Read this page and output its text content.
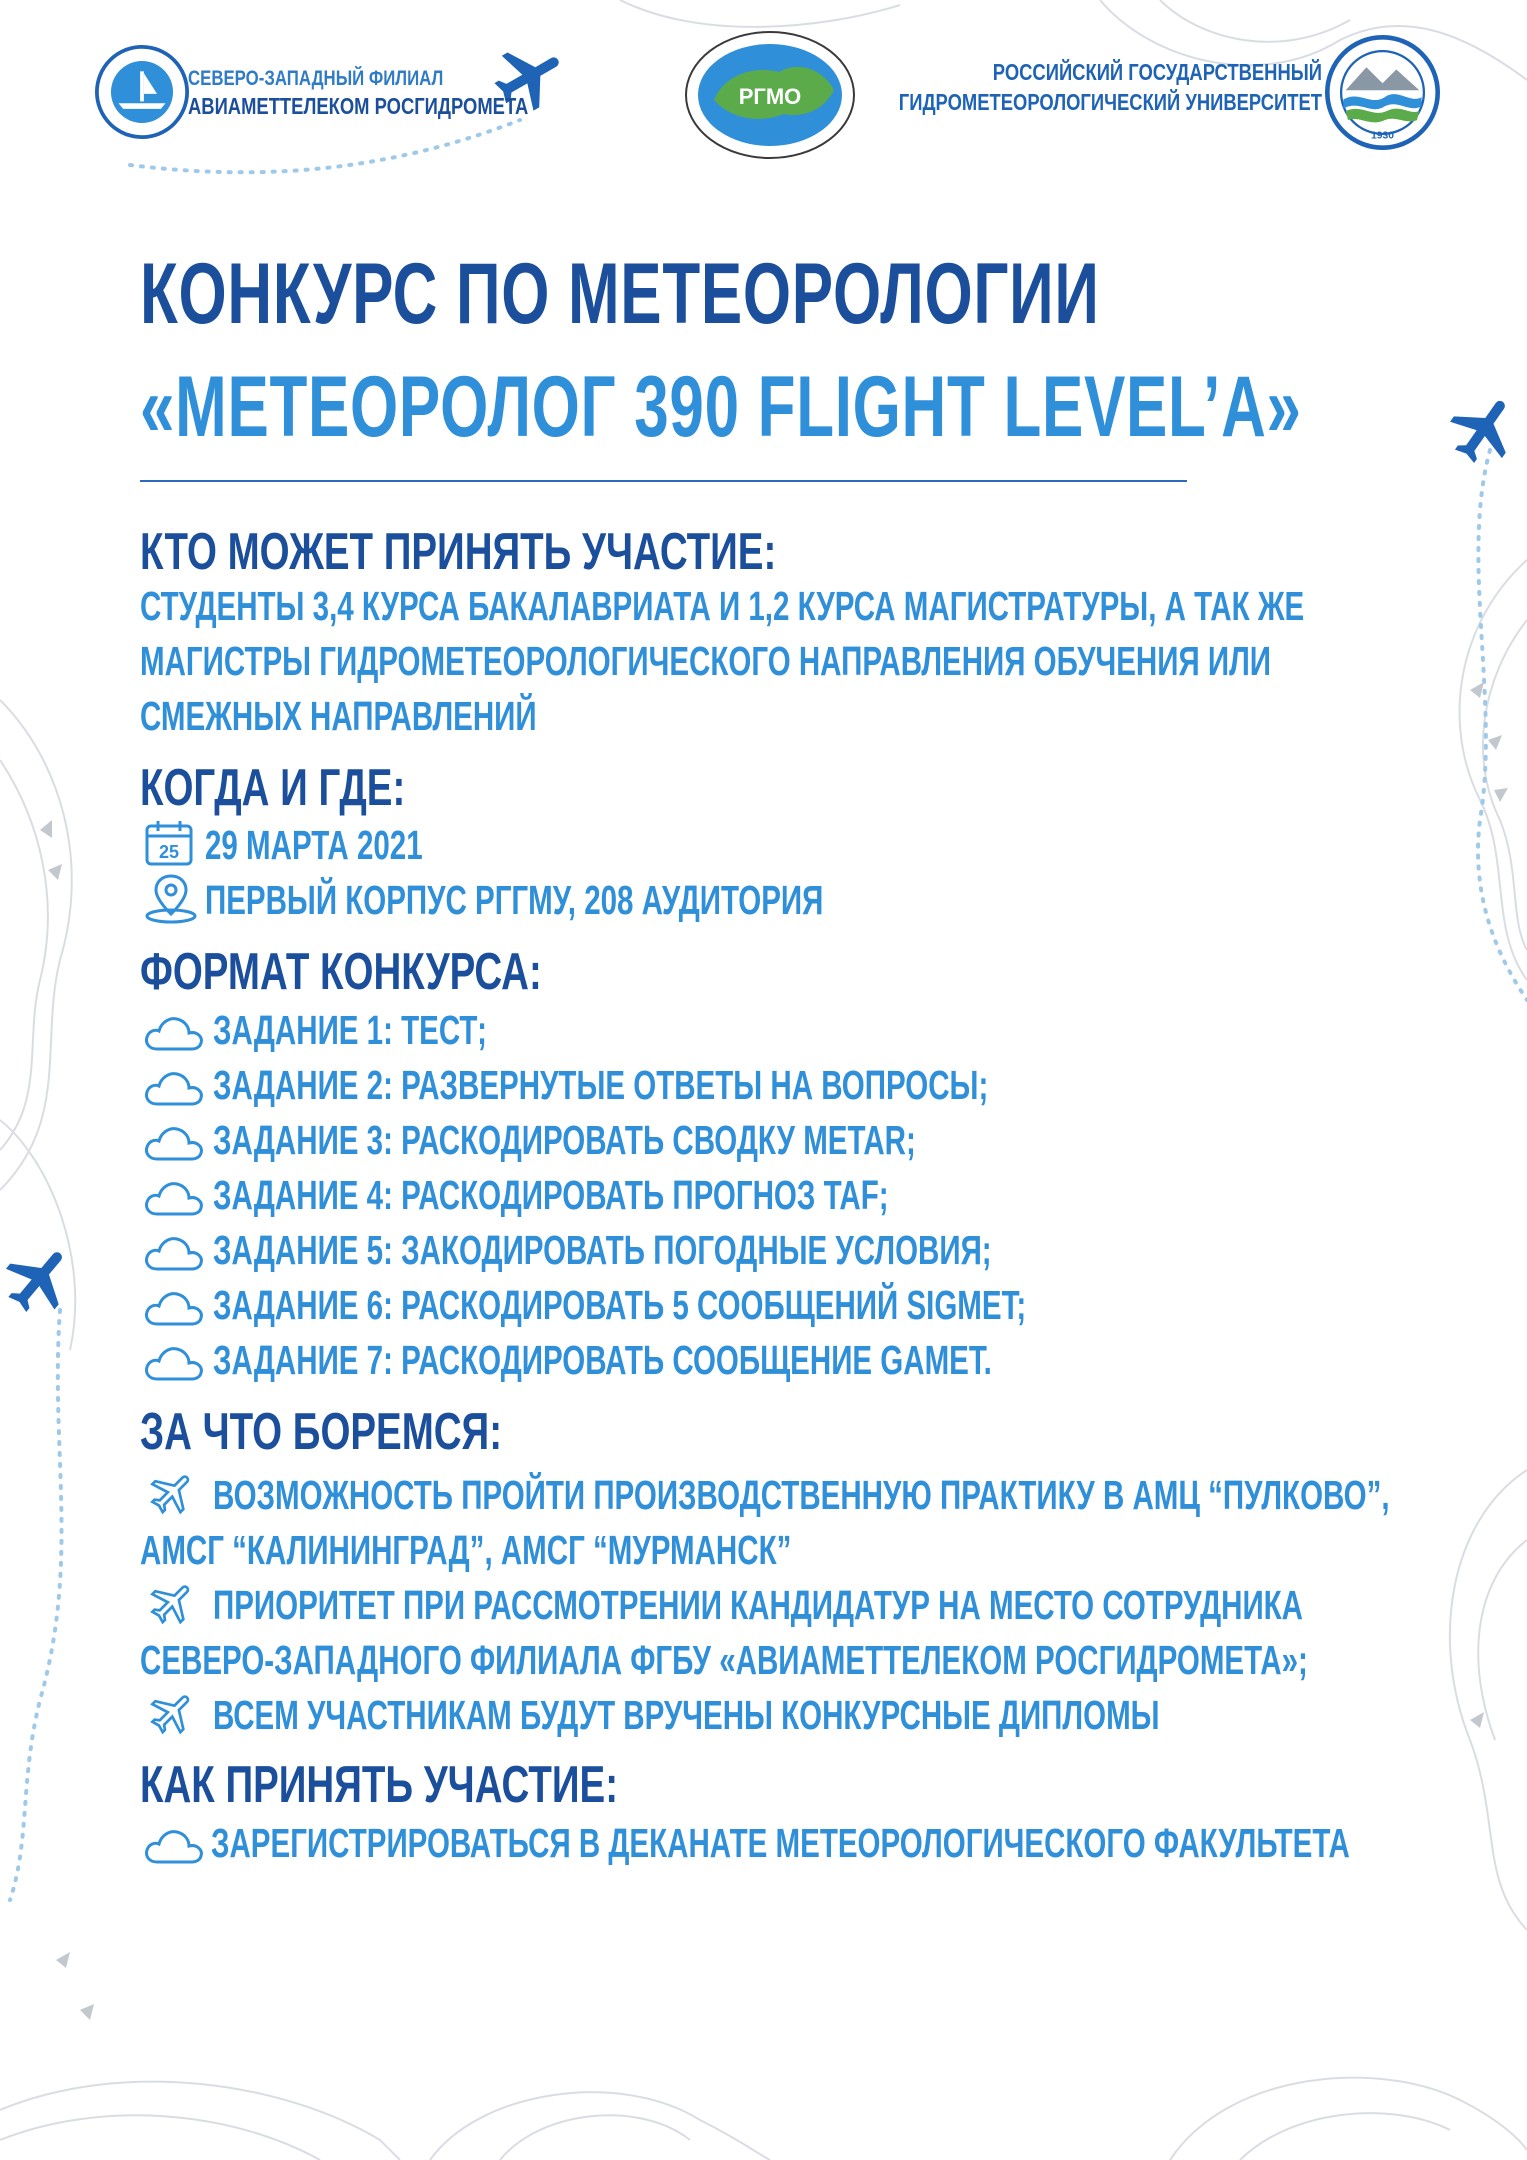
СЕВЕРО-ЗАПАДНЫЙ ФИЛИАЛ
АВИАМЕТТЕЛЕКОМ РОСГИДРОМЕТА	РГМО
РОССИЙСКИЙ ГОСУДАРСТВЕННЫЙ
ГИДРОМЕТЕОРОЛОГИЧЕСКИЙ УНИВЕРСИТЕТ
1930
КОНКУРС ПО МЕТЕОРОЛОГИИ
«МЕТЕОРОЛОГ 390 FLIGHT LEVEL’A»
КТО МОЖЕТ ПРИНЯТЬ УЧАСТИЕ:
СТУДЕНТЫ 3,4 КУРСА БАКАЛАВРИАТА И 1,2 КУРСА МАГИСТРАТУРЫ, А ТАК ЖЕ
МАГИСТРЫ ГИДРОМЕТЕОРОЛОГИЧЕСКОГО НАПРАВЛЕНИЯ ОБУЧЕНИЯ ИЛИ
СМЕЖНЫХ НАПРАВЛЕНИЙ
КОГДА И ГДЕ:
25 29 МАРТА 2021
ПЕРВЫЙ КОРПУС РГГМУ, 208 АУДИТОРИЯ
ФОРМАТ КОНКУРСА:
ЗАДАНИЕ 1: ТЕСТ;
ЗАДАНИЕ 2: РАЗВЕРНУТЫЕ ОТВЕТЫ НА ВОПРОСЫ;
ЗАДАНИЕ 3: РАСКОДИРОВАТЬ СВОДКУ METAR;
ЗАДАНИЕ 4: РАСКОДИРОВАТЬ ПРОГНОЗ TAF;
ЗАДАНИЕ 5: ЗАКОДИРОВАТЬ ПОГОДНЫЕ УСЛОВИЯ;
ЗАДАНИЕ 6: РАСКОДИРОВАТЬ 5 СООБЩЕНИЙ SIGMET;
ЗАДАНИЕ 7: РАСКОДИРОВАТЬ СООБЩЕНИЕ GAMET.
ЗА ЧТО БОРЕМСЯ:
ВОЗМОЖНОСТЬ ПРОЙТИ ПРОИЗВОДСТВЕННУЮ ПРАКТИКУ В АМЦ “ПУЛКОВО”,
АМСГ “КАЛИНИНГРАД”, АМСГ “МУРМАНСК”
ПРИОРИТЕТ ПРИ РАССМОТРЕНИИ КАНДИДАТУР НА МЕСТО СОТРУДНИКА
СЕВЕРО-ЗАПАДНОГО ФИЛИАЛА ФГБУ «АВИАМЕТТЕЛЕКОМ РОСГИДРОМЕТА»;
ВСЕМ УЧАСТНИКАМ БУДУТ ВРУЧЕНЫ КОНКУРСНЫЕ ДИПЛОМЫ
КАК ПРИНЯТЬ УЧАСТИЕ:
ЗАРЕГИСТРИРОВАТЬСЯ В ДЕКАНАТЕ МЕТЕОРОЛОГИЧЕСКОГО ФАКУЛЬТЕТА
